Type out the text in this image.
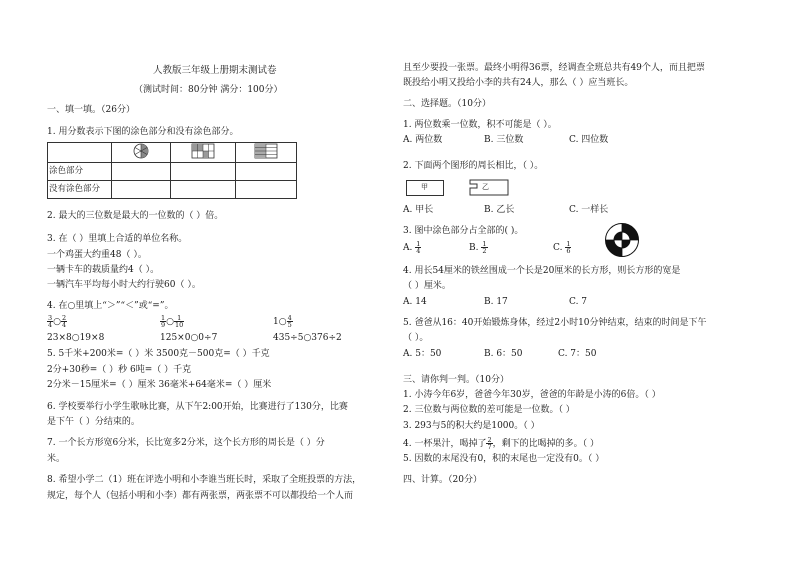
人教版三年级上册期末测试卷
（测试时间：80分钟 满分：100分）
一、填一填。（26分）
1. 用分数表示下图的涂色部分和没有涂色部分。

涂色部分			
没有涂色部分			
2. 最大的三位数是最大的一位数的（ ）倍。
3. 在（ ）里填上合适的单位名称。
一个鸡蛋大约重48（ ）。
一辆卡车的载质量约4（ ）。
一辆汽车平均每小时大约行驶60（ ）。
4. 在○里填上“＞”“＜”或“=”。
$\frac{3}{4}$ ○ $\frac{2}{4}$	$\frac{1}{9}$ ○ $\frac{1}{10}$	1○ $\frac{4}{5}$
23×8○19×8	125×0○0÷7	435÷5○376÷2
5. 5千米+200米=（ ）米 3500克－500克=（ ）千克
2分+30秒=（ ）秒 6吨=（ ）千克
2分米－15厘米=（ ）厘米 36毫米+64毫米=（ ）厘米
6. 学校要举行小学生歌咏比赛，从下午2:00开始，比赛进行了130分，比赛
是下午（ ）分结束的。
7. 一个长方形宽6分米，长比宽多2分米，这个长方形的周长是（ ）分
米。
8. 希望小学二（1）班在评选小明和小李谁当班长时，采取了全班投票的方法，
规定，每个人（包括小明和小李）都有两张票，两张票不可以都投给一个人而
且至少要投一张票。最终小明得36票，经调查全班总共有49个人，而且把票
既投给小明又投给小李的共有24人，那么（ ）应当班长。
二、选择题。（10分）
1. 两位数乘一位数，积不可能是（ ）。
A. 两位数	B. 三位数	C. 四位数
2. 下面两个图形的周长相比，（ ）。
甲	乙
A. 甲长	B. 乙长	C. 一样长
3. 图中涂色部分占全部的( )。
A. $\frac{1}{4}$	B. $\frac{1}{2}$	C. $\frac{1}{6}$
4. 用长54厘米的铁丝围成一个长是20厘米的长方形，则长方形的宽是
（ ）厘米。
A. 14	B. 17	C. 7
5. 爸爸从16：40开始锻炼身体，经过2小时10分钟结束，结束的时间是下午
（ ）。
A. 5：50	B. 6：50	C. 7：50
三、请你判一判。（10分）
1. 小涛今年6岁，爸爸今年30岁，爸爸的年龄是小涛的6倍。（ ）
2. 三位数与两位数的差可能是一位数。（ ）
3. 293与5的积大约是1000。（ ）
4. 一杯果汁，喝掉了 $\frac{2}{7}$ ，剩下的比喝掉的多。（ ）
5. 因数的末尾没有0，积的末尾也一定没有0。（ ）
四、计算。（20分）
